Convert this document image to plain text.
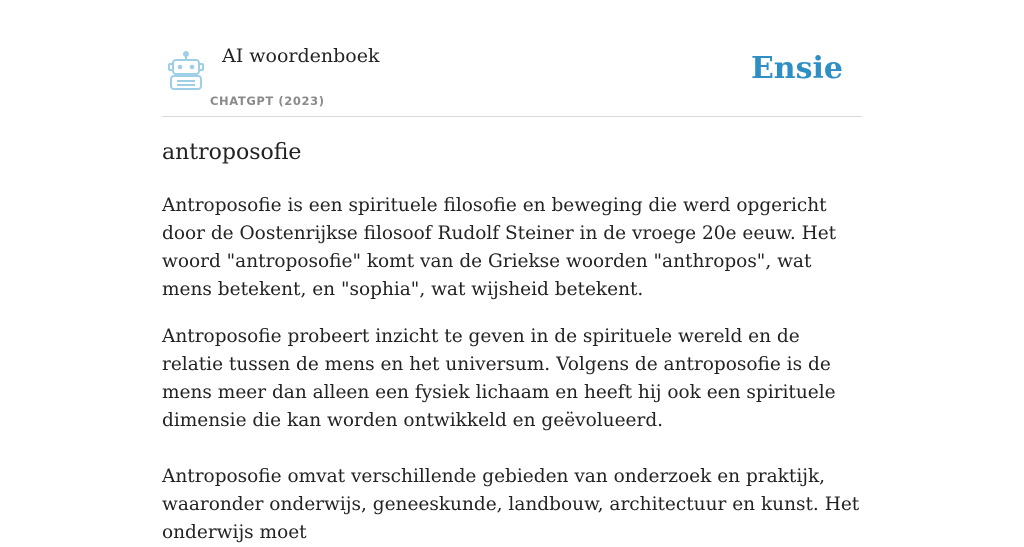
AI woordenboek
CHATGPT (2023)
Ensie
antroposofie

Antroposofie is een spirituele filosofie en beweging die werd opgericht door de Oostenrijkse filosoof Rudolf Steiner in de vroege 20e eeuw. Het woord "antroposofie" komt van de Griekse woorden "anthropos", wat mens betekent, en "sophia", wat wijsheid betekent.

Antroposofie probeert inzicht te geven in de spirituele wereld en de relatie tussen de mens en het universum. Volgens de antroposofie is de mens meer dan alleen een fysiek lichaam en heeft hij ook een spirituele dimensie die kan worden ontwikkeld en geëvolueerd.

Antroposofie omvat verschillende gebieden van onderzoek en praktijk, waaronder onderwijs, geneeskunde, landbouw, architectuur en kunst. Het onderwijs moet
